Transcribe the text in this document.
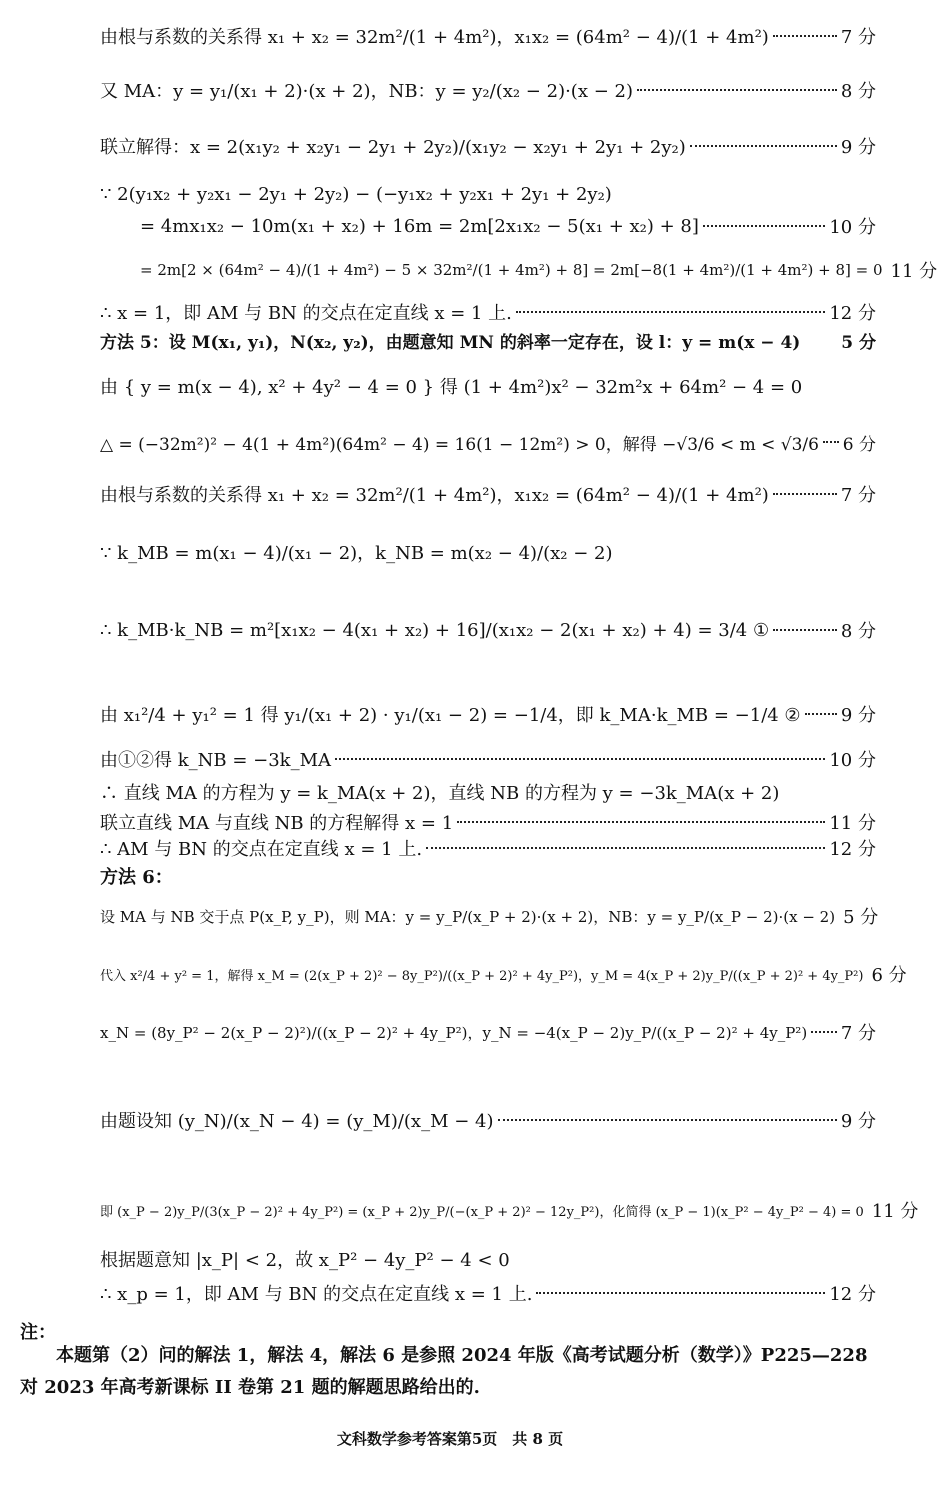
由根与系数的关系得 x₁ + x₂ = 32m²/(1 + 4m²)，x₁x₂ = (64m² − 4)/(1 + 4m²)	7 分
又 MA：y = y₁/(x₁ + 2)·(x + 2)，NB：y = y₂/(x₂ − 2)·(x − 2)	8 分
联立解得：x = 2(x₁y₂ + x₂y₁ − 2y₁ + 2y₂)/(x₁y₂ − x₂y₁ + 2y₁ + 2y₂)	9 分
∵ 2(y₁x₂ + y₂x₁ − 2y₁ + 2y₂) − (−y₁x₂ + y₂x₁ + 2y₁ + 2y₂)
= 4mx₁x₂ − 10m(x₁ + x₂) + 16m = 2m[2x₁x₂ − 5(x₁ + x₂) + 8]	10 分
= 2m[2 × (64m² − 4)/(1 + 4m²) − 5 × 32m²/(1 + 4m²) + 8] = 2m[−8(1 + 4m²)/(1 + 4m²) + 8] = 0 11 分
∴ x = 1，即 AM 与 BN 的交点在定直线 x = 1 上.	12 分
方法 5：设 M(x₁, y₁)，N(x₂, y₂)，由题意知 MN 的斜率一定存在，设 l：y = m(x − 4) 5 分
由 { y = m(x − 4), x² + 4y² − 4 = 0 } 得 (1 + 4m²)x² − 32m²x + 64m² − 4 = 0
△ = (−32m²)² − 4(1 + 4m²)(64m² − 4) = 16(1 − 12m²) > 0，解得 −√3/6 < m < √3/6 6 分
由根与系数的关系得 x₁ + x₂ = 32m²/(1 + 4m²)，x₁x₂ = (64m² − 4)/(1 + 4m²)	7 分
∵ k_MB = m(x₁ − 4)/(x₁ − 2)，k_NB = m(x₂ − 4)/(x₂ − 2)
∴ k_MB·k_NB = m²[x₁x₂ − 4(x₁ + x₂) + 16]/(x₁x₂ − 2(x₁ + x₂) + 4) = 3/4 ①	8 分
由 x₁²/4 + y₁² = 1 得 y₁/(x₁ + 2) · y₁/(x₁ − 2) = −1/4，即 k_MA·k_MB = −1/4 ② 9 分
由①②得 k_NB = −3k_MA	10 分
∴ 直线 MA 的方程为 y = k_MA(x + 2)，直线 NB 的方程为 y = −3k_MA(x + 2)
联立直线 MA 与直线 NB 的方程解得 x = 1	11 分
∴ AM 与 BN 的交点在定直线 x = 1 上.	12 分
方法 6：
设 MA 与 NB 交于点 P(x_P, y_P)，则 MA：y = y_P/(x_P + 2)·(x + 2)，NB：y = y_P/(x_P − 2)·(x − 2) 5 分
代入 x²/4 + y² = 1，解得 x_M = (2(x_P + 2)² − 8y_P²)/((x_P + 2)² + 4y_P²)，y_M = 4(x_P + 2)y_P/((x_P + 2)² + 4y_P²) 6 分
x_N = (8y_P² − 2(x_P − 2)²)/((x_P − 2)² + 4y_P²)，y_N = −4(x_P − 2)y_P/((x_P − 2)² + 4y_P²) 7 分
由题设知 (y_N)/(x_N − 4) = (y_M)/(x_M − 4)	9 分
即 (x_P − 2)y_P/(3(x_P − 2)² + 4y_P²) = (x_P + 2)y_P/(−(x_P + 2)² − 12y_P²)，化简得 (x_P − 1)(x_P² − 4y_P² − 4) = 0 11 分
根据题意知 |x_P| < 2，故 x_P² − 4y_P² − 4 < 0
∴ x_p = 1，即 AM 与 BN 的交点在定直线 x = 1 上.	12 分
注：
本题第（2）问的解法 1，解法 4，解法 6 是参照 2024 年版《高考试题分析（数学）》P225—228 对 2023 年高考新课标 II 卷第 21 题的解题思路给出的.
文科数学参考答案第5页　共 8 页
